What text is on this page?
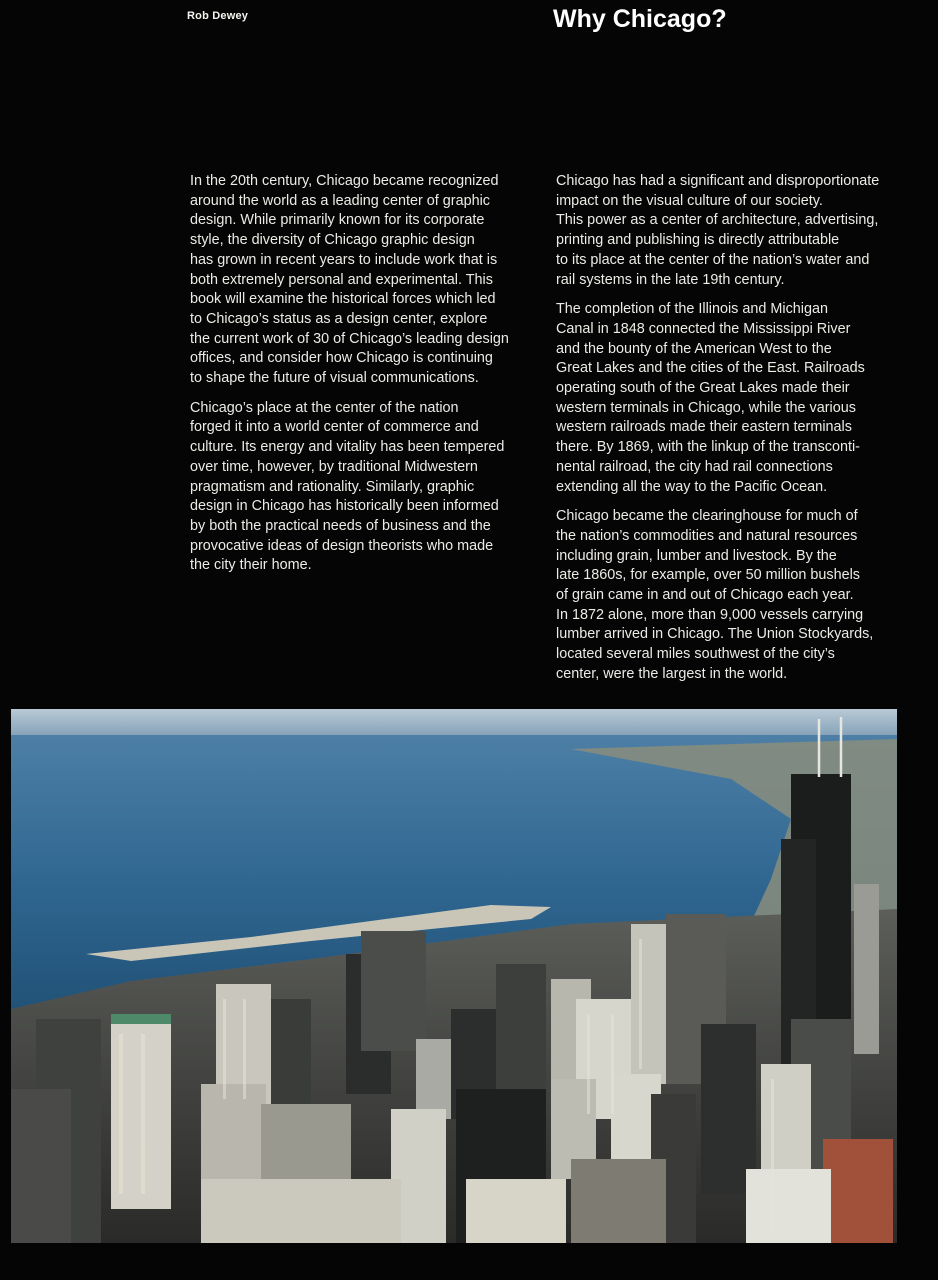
Rob Dewey	Why Chicago?

In the 20th century, Chicago became recognized
around the world as a leading center of graphic
design. While primarily known for its corporate
style, the diversity of Chicago graphic design
has grown in recent years to include work that is
both extremely personal and experimental. This
book will examine the historical forces which led
to Chicago’s status as a design center, explore
the current work of 30 of Chicago’s leading design
offices, and consider how Chicago is continuing
to shape the future of visual communications.

Chicago’s place at the center of the nation
forged it into a world center of commerce and
culture. Its energy and vitality has been tempered
over time, however, by traditional Midwestern
pragmatism and rationality. Similarly, graphic
design in Chicago has historically been informed
by both the practical needs of business and the
provocative ideas of design theorists who made
the city their home.

Chicago has had a significant and disproportionate
impact on the visual culture of our society.
This power as a center of architecture, advertising,
printing and publishing is directly attributable
to its place at the center of the nation’s water and
rail systems in the late 19th century.

The completion of the Illinois and Michigan
Canal in 1848 connected the Mississippi River
and the bounty of the American West to the
Great Lakes and the cities of the East. Railroads
operating south of the Great Lakes made their
western terminals in Chicago, while the various
western railroads made their eastern terminals
there. By 1869, with the linkup of the transconti-
nental railroad, the city had rail connections
extending all the way to the Pacific Ocean.

Chicago became the clearinghouse for much of
the nation’s commodities and natural resources
including grain, lumber and livestock. By the
late 1860s, for example, over 50 million bushels
of grain came in and out of Chicago each year.
In 1872 alone, more than 9,000 vessels carrying
lumber arrived in Chicago. The Union Stockyards,
located several miles southwest of the city’s
center, were the largest in the world.
